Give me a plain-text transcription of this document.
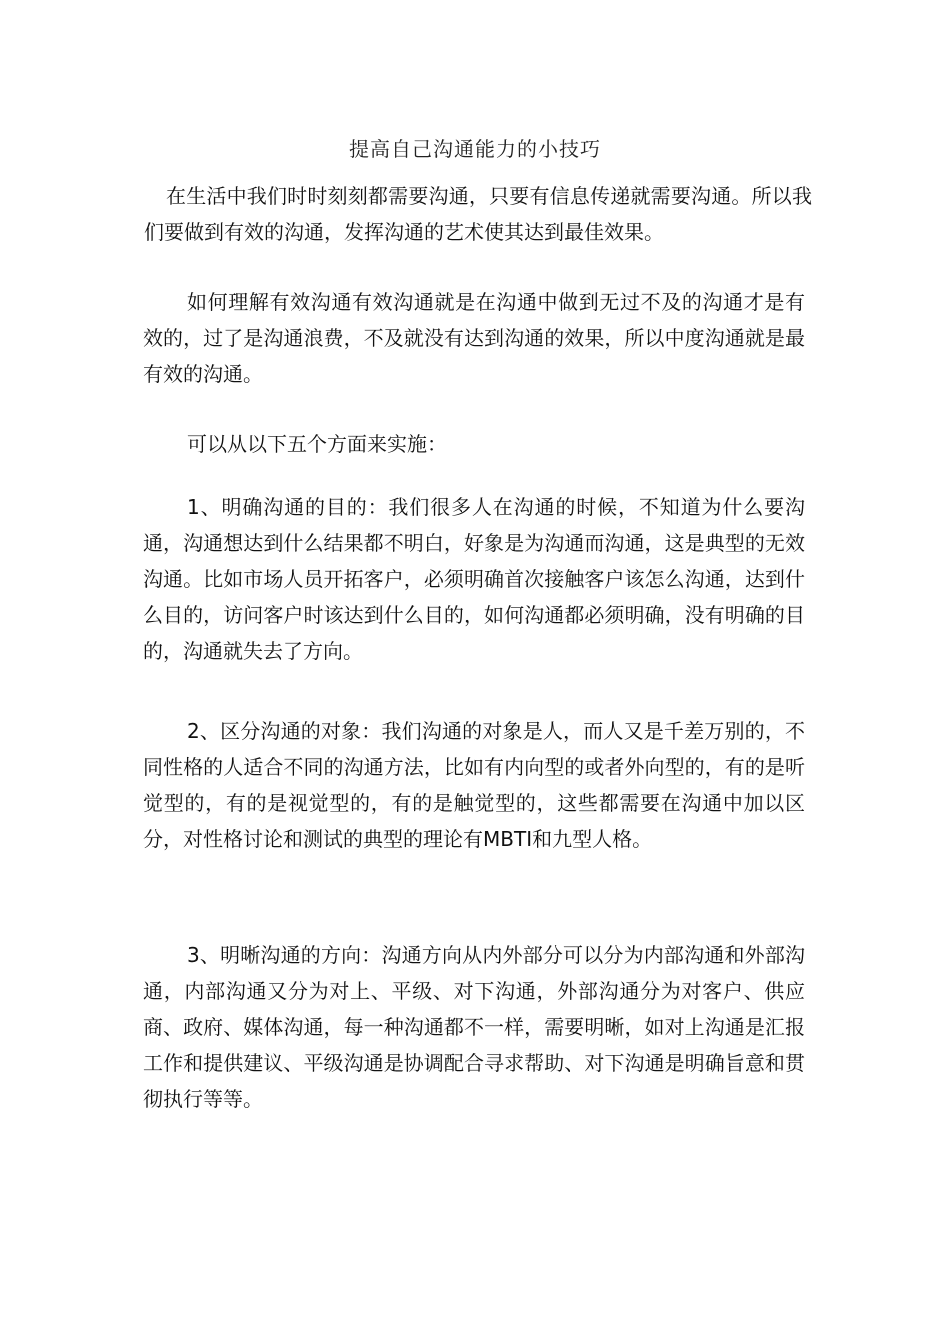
提高自己沟通能力的小技巧

在生活中我们时时刻刻都需要沟通，只要有信息传递就需要沟通。所以我们要做到有效的沟通，发挥沟通的艺术使其达到最佳效果。

如何理解有效沟通有效沟通就是在沟通中做到无过不及的沟通才是有效的，过了是沟通浪费，不及就没有达到沟通的效果，所以中度沟通就是最有效的沟通。

可以从以下五个方面来实施：

1、明确沟通的目的：我们很多人在沟通的时候，不知道为什么要沟通，沟通想达到什么结果都不明白，好象是为沟通而沟通，这是典型的无效沟通。比如市场人员开拓客户，必须明确首次接触客户该怎么沟通，达到什么目的，访问客户时该达到什么目的，如何沟通都必须明确，没有明确的目的，沟通就失去了方向。

2、区分沟通的对象：我们沟通的对象是人，而人又是千差万别的，不同性格的人适合不同的沟通方法，比如有内向型的或者外向型的，有的是听觉型的，有的是视觉型的，有的是触觉型的，这些都需要在沟通中加以区分，对性格讨论和测试的典型的理论有MBTI和九型人格。

3、明晰沟通的方向：沟通方向从内外部分可以分为内部沟通和外部沟通，内部沟通又分为对上、平级、对下沟通，外部沟通分为对客户、供应商、政府、媒体沟通，每一种沟通都不一样，需要明晰，如对上沟通是汇报工作和提供建议、平级沟通是协调配合寻求帮助、对下沟通是明确旨意和贯彻执行等等。
